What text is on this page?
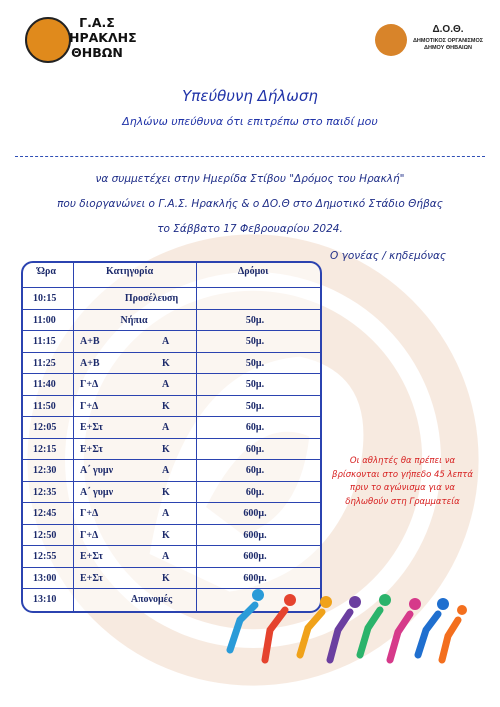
Γ.Α.Σ
ΗΡΑΚΛΗΣ
ΘΗΒΩΝ
Δ.Ο.Θ.
ΔΗΜΟΤΙΚΟΣ ΟΡΓΑΝΙΣΜΟΣ
ΔΗΜΟΥ ΘΗΒΑΙΩΝ
Υπεύθυνη Δήλωση
Δηλώνω υπεύθυνα ότι επιτρέπω στο παιδί μου
να συμμετέχει στην Ημερίδα Στίβου "Δρόμος του Ηρακλή"
που διοργανώνει ο Γ.Α.Σ. Ηρακλής & ο ΔΟ.Θ στο Δημοτικό Στάδιο Θήβας
το Σάββατο 17 Φεβρουαρίου 2024.
Ο γονέας / κηδεμόνας
Ώρα	Κατηγορία	Δρόμοι
10:15	Προσέλευση
11:00	Νήπια	50μ.
11:15 Α+Β	Α	50μ.
11:25 Α+Β	Κ	50μ.
11:40 Γ+Δ	Α	50μ.
11:50 Γ+Δ	Κ	50μ.
12:05 Ε+Στ	Α	60μ.
12:15 Ε+Στ	Κ	60μ.
12:30 Α΄ γυμν	Α	60μ.
12:35 Α΄ γυμν	Κ	60μ.
12:45 Γ+Δ	Α	600μ.
12:50 Γ+Δ	Κ	600μ.
12:55 Ε+Στ	Α	600μ.
13:00 Ε+Στ	Κ	600μ.
13:10	Απονομές
Οι αθλητές θα πρέπει να βρίσκονται στο γήπεδο 45 λεπτά πριν το αγώνισμα για να δηλωθούν στη Γραμματεία
